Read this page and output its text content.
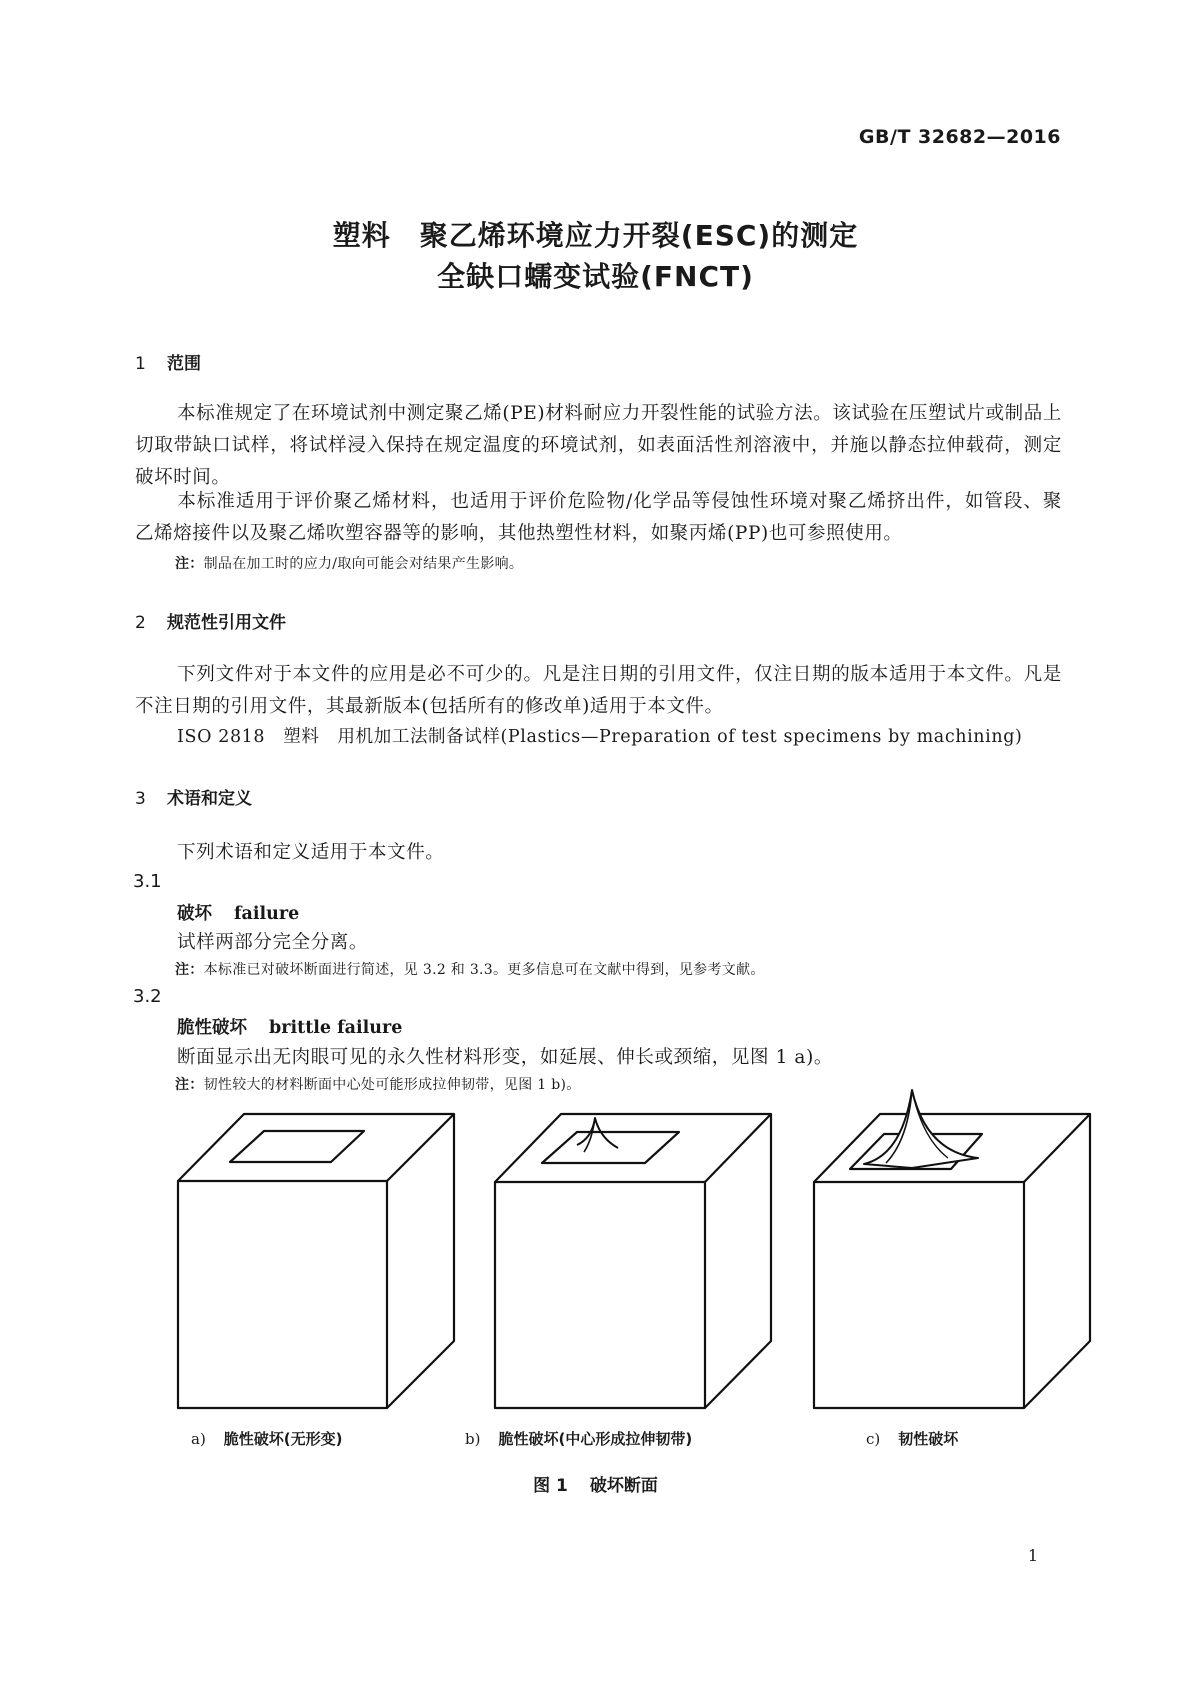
GB/T 32682—2016
塑料　聚乙烯环境应力开裂(ESC)的测定
全缺口蠕变试验(FNCT)
1 范围
本标准规定了在环境试剂中测定聚乙烯(PE)材料耐应力开裂性能的试验方法。该试验在压塑试片或制品上切取带缺口试样，将试样浸入保持在规定温度的环境试剂，如表面活性剂溶液中，并施以静态拉伸载荷，测定破坏时间。
本标准适用于评价聚乙烯材料，也适用于评价危险物/化学品等侵蚀性环境对聚乙烯挤出件，如管段、聚乙烯熔接件以及聚乙烯吹塑容器等的影响，其他热塑性材料，如聚丙烯(PP)也可参照使用。
注：制品在加工时的应力/取向可能会对结果产生影响。
2 规范性引用文件
下列文件对于本文件的应用是必不可少的。凡是注日期的引用文件，仅注日期的版本适用于本文件。凡是不注日期的引用文件，其最新版本(包括所有的修改单)适用于本文件。
ISO 2818　塑料　用机加工法制备试样(Plastics—Preparation of test specimens by machining)
3 术语和定义
下列术语和定义适用于本文件。
3.1
破坏 failure
试样两部分完全分离。
注：本标准已对破坏断面进行简述，见 3.2 和 3.3。更多信息可在文献中得到，见参考文献。
3.2
脆性破坏 brittle failure
断面显示出无肉眼可见的永久性材料形变，如延展、伸长或颈缩，见图 1 a)。
注：韧性较大的材料断面中心处可能形成拉伸韧带，见图 1 b)。
a) 脆性破坏(无形变)	b) 脆性破坏(中心形成拉伸韧带)	c) 韧性破坏
图 1 破坏断面
1
